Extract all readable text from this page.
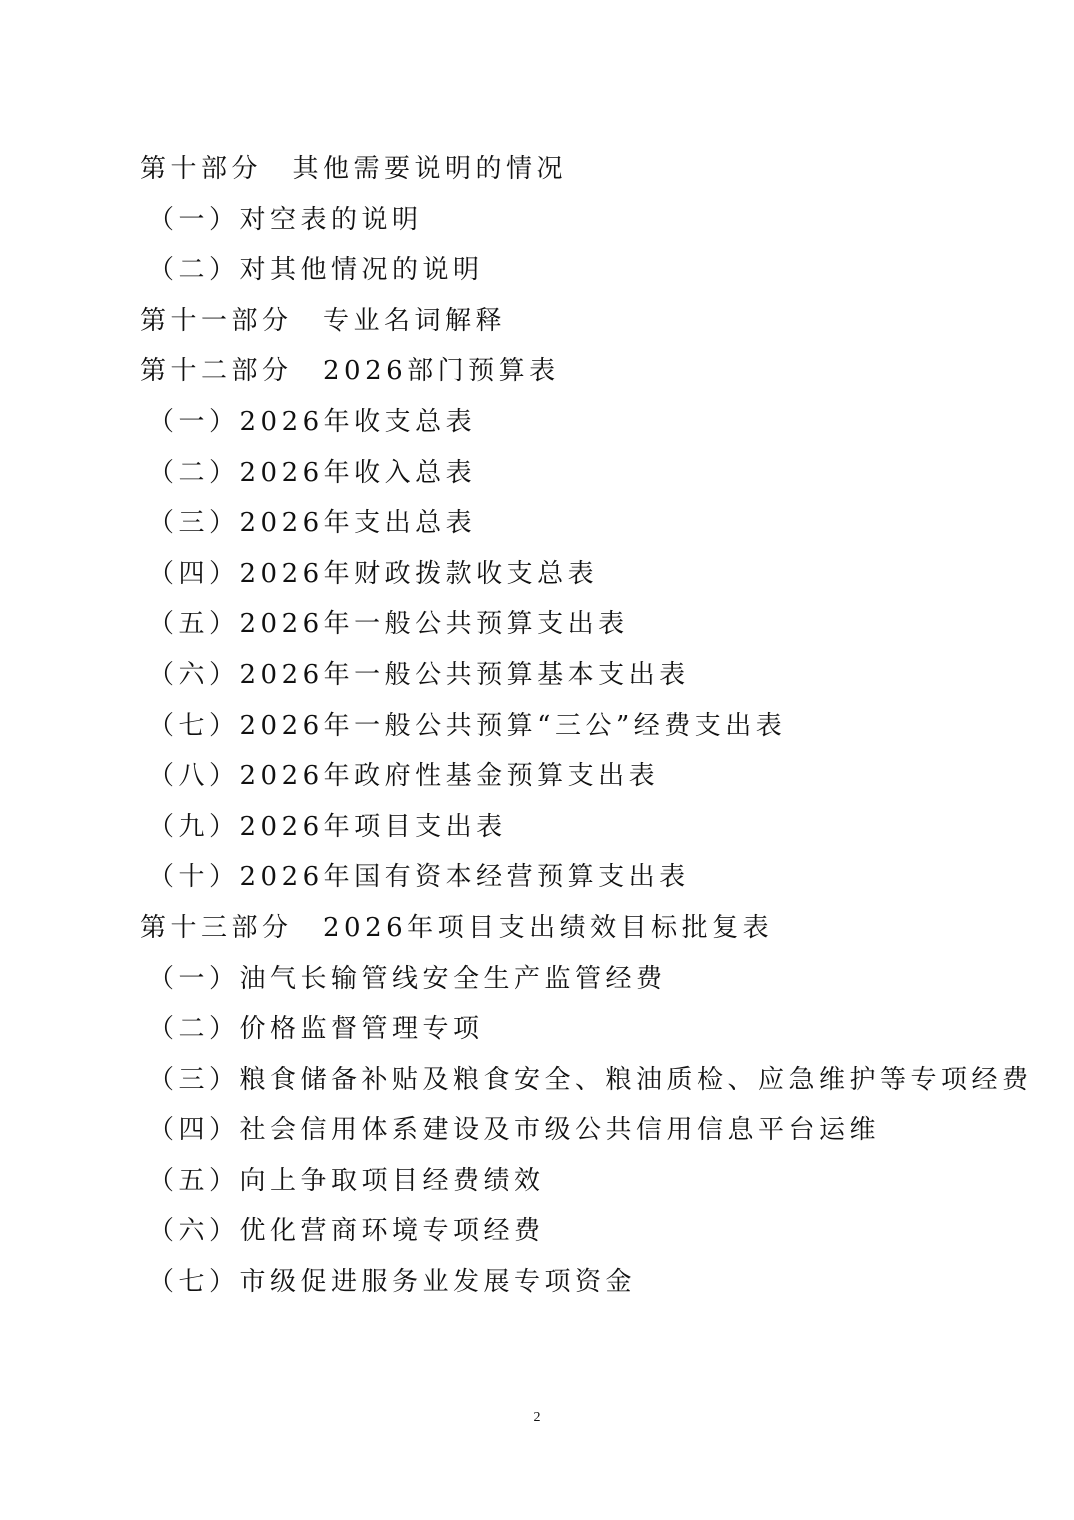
第十部分　其他需要说明的情况
（一）对空表的说明
（二）对其他情况的说明
第十一部分　专业名词解释
第十二部分　2026部门预算表
（一）2026年收支总表
（二）2026年收入总表
（三）2026年支出总表
（四）2026年财政拨款收支总表
（五）2026年一般公共预算支出表
（六）2026年一般公共预算基本支出表
（七）2026年一般公共预算“三公”经费支出表
（八）2026年政府性基金预算支出表
（九）2026年项目支出表
（十）2026年国有资本经营预算支出表
第十三部分　2026年项目支出绩效目标批复表
（一）油气长输管线安全生产监管经费
（二）价格监督管理专项
（三）粮食储备补贴及粮食安全、粮油质检、应急维护等专项经费
（四）社会信用体系建设及市级公共信用信息平台运维
（五）向上争取项目经费绩效
（六）优化营商环境专项经费
（七）市级促进服务业发展专项资金
2
